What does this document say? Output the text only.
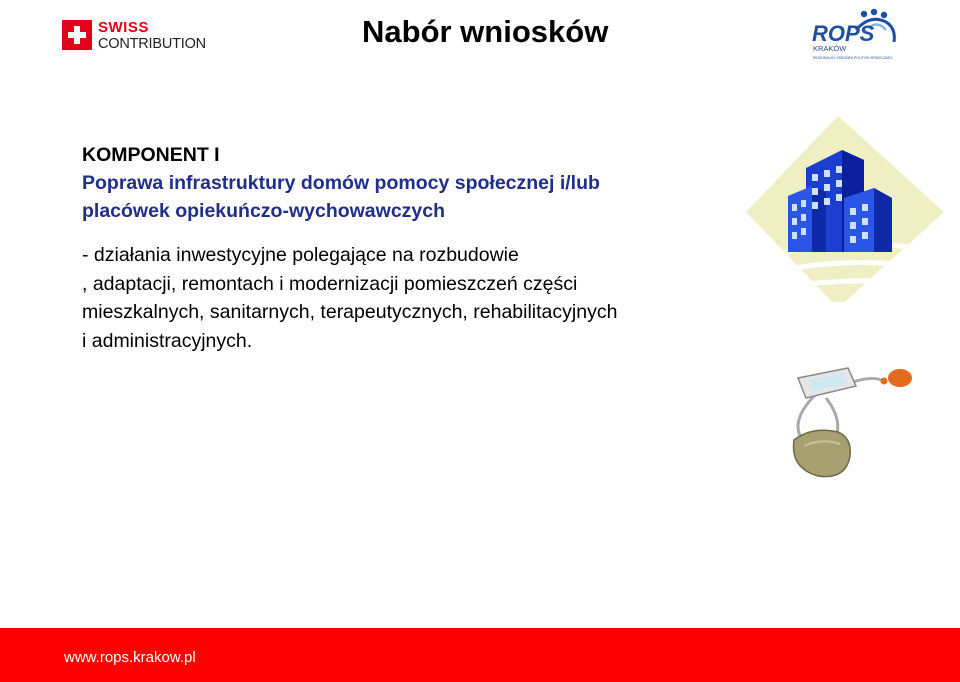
SWISS
CONTRIBUTION	Nabór wniosków	ROPS
KRAKÓW
REGIONALNY OŚRODEK POLITYKI SPOŁECZNEJ

KOMPONENT I

Poprawa infrastruktury domów pomocy społecznej i/lub

placówek opiekuńczo-wychowawczych

- działania inwestycyjne polegające na rozbudowie
, adaptacji, remontach i modernizacji pomieszczeń części
mieszkalnych, sanitarnych, terapeutycznych, rehabilitacyjnych
i administracyjnych.

www.rops.krakow.pl
